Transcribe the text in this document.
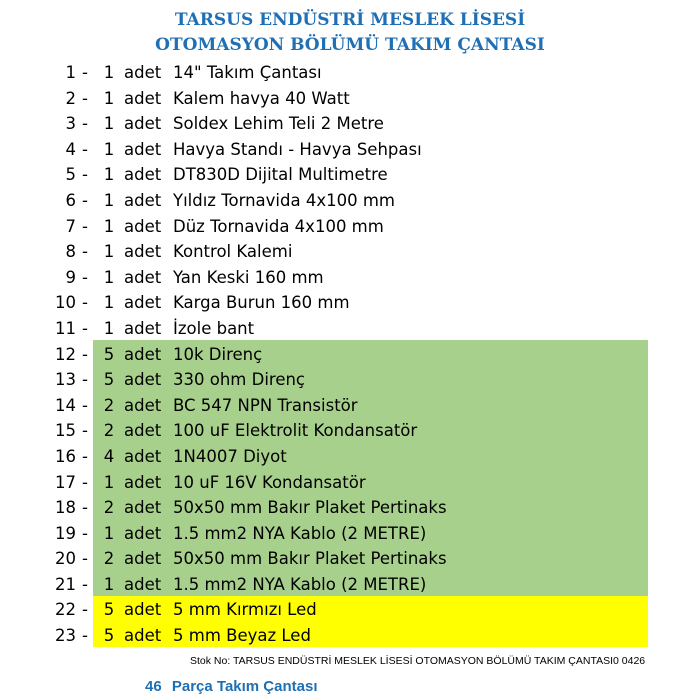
TARSUS ENDÜSTRİ MESLEK LİSESİ
OTOMASYON BÖLÜMÜ TAKIM ÇANTASI
1 - 1 adet 14" Takım Çantası
2 - 1 adet Kalem havya 40 Watt
3 - 1 adet Soldex Lehim Teli 2 Metre
4 - 1 adet Havya Standı - Havya Sehpası
5 - 1 adet DT830D Dijital Multimetre
6 - 1 adet Yıldız Tornavida 4x100 mm
7 - 1 adet Düz Tornavida 4x100 mm
8 - 1 adet Kontrol Kalemi
9 - 1 adet Yan Keski 160 mm
10 - 1 adet Karga Burun 160 mm
11 - 1 adet İzole bant
12 - 5 adet 10k Direnç
13 - 5 adet 330 ohm Direnç
14 - 2 adet BC 547 NPN Transistör
15 - 2 adet 100 uF Elektrolit Kondansatör
16 - 4 adet 1N4007 Diyot
17 - 1 adet 10 uF 16V Kondansatör
18 - 2 adet 50x50 mm Bakır Plaket Pertinaks
19 - 1 adet 1.5 mm2 NYA Kablo (2 METRE)
20 - 2 adet 50x50 mm Bakır Plaket Pertinaks
21 - 1 adet 1.5 mm2 NYA Kablo (2 METRE)
22 - 5 adet 5 mm Kırmızı Led
23 - 5 adet 5 mm Beyaz Led
Stok No: TARSUS ENDÜSTRİ MESLEK LİSESİ OTOMASYON BÖLÜMÜ TAKIM ÇANTASI0 0426
46 Parça Takım Çantası
